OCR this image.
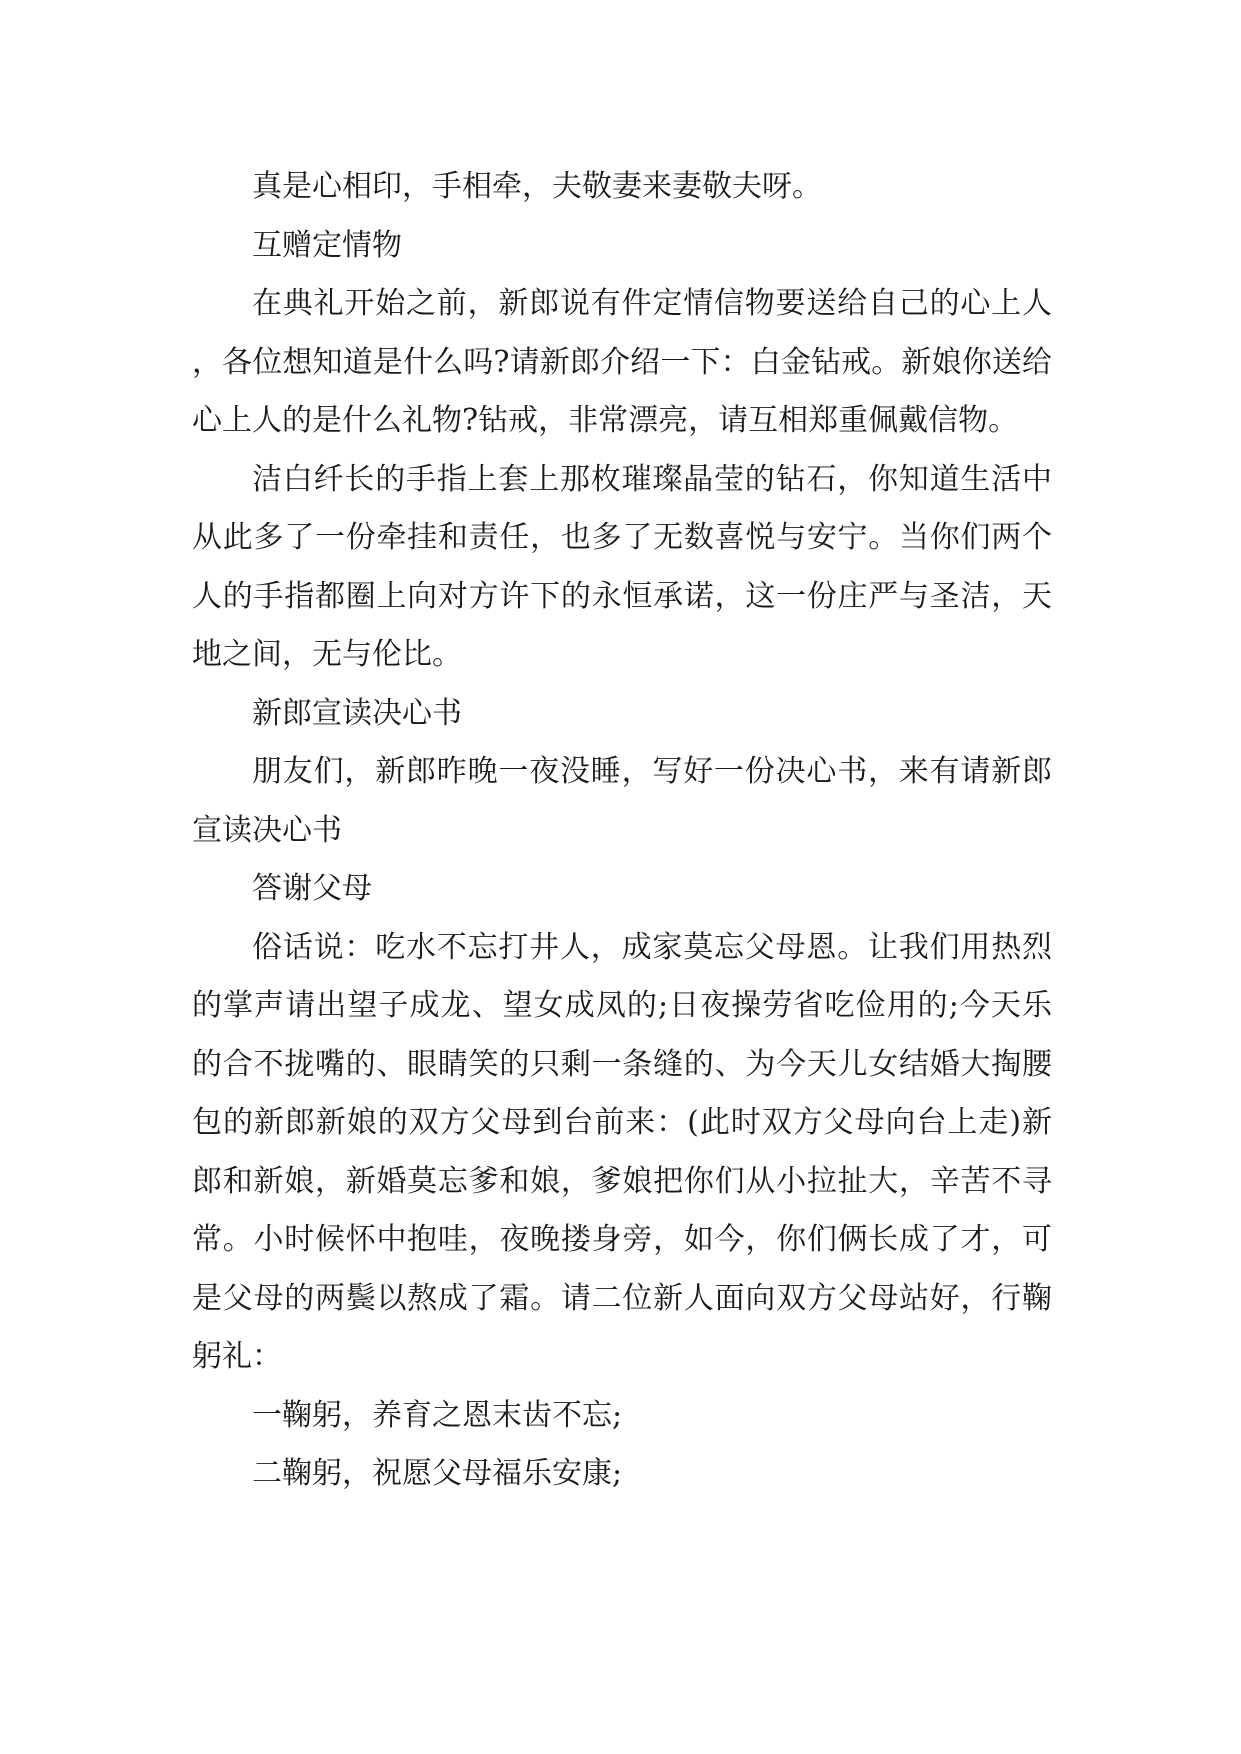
真是心相印，手相牵，夫敬妻来妻敬夫呀。

互赠定情物

在典礼开始之前，新郎说有件定情信物要送给自己的心上人，各位想知道是什么吗?请新郎介绍一下：白金钻戒。新娘你送给心上人的是什么礼物?钻戒，非常漂亮，请互相郑重佩戴信物。

洁白纤长的手指上套上那枚璀璨晶莹的钻石，你知道生活中从此多了一份牵挂和责任，也多了无数喜悦与安宁。当你们两个人的手指都圈上向对方许下的永恒承诺，这一份庄严与圣洁，天地之间，无与伦比。

新郎宣读决心书

朋友们，新郎昨晚一夜没睡，写好一份决心书，来有请新郎宣读决心书

答谢父母

俗话说：吃水不忘打井人，成家莫忘父母恩。让我们用热烈的掌声请出望子成龙、望女成凤的;日夜操劳省吃俭用的;今天乐的合不拢嘴的、眼睛笑的只剩一条缝的、为今天儿女结婚大掏腰包的新郎新娘的双方父母到台前来：(此时双方父母向台上走)新郎和新娘，新婚莫忘爹和娘，爹娘把你们从小拉扯大，辛苦不寻常。小时候怀中抱哇，夜晚搂身旁，如今，你们俩长成了才，可是父母的两鬓以熬成了霜。请二位新人面向双方父母站好，行鞠躬礼：

一鞠躬，养育之恩末齿不忘;

二鞠躬，祝愿父母福乐安康;
